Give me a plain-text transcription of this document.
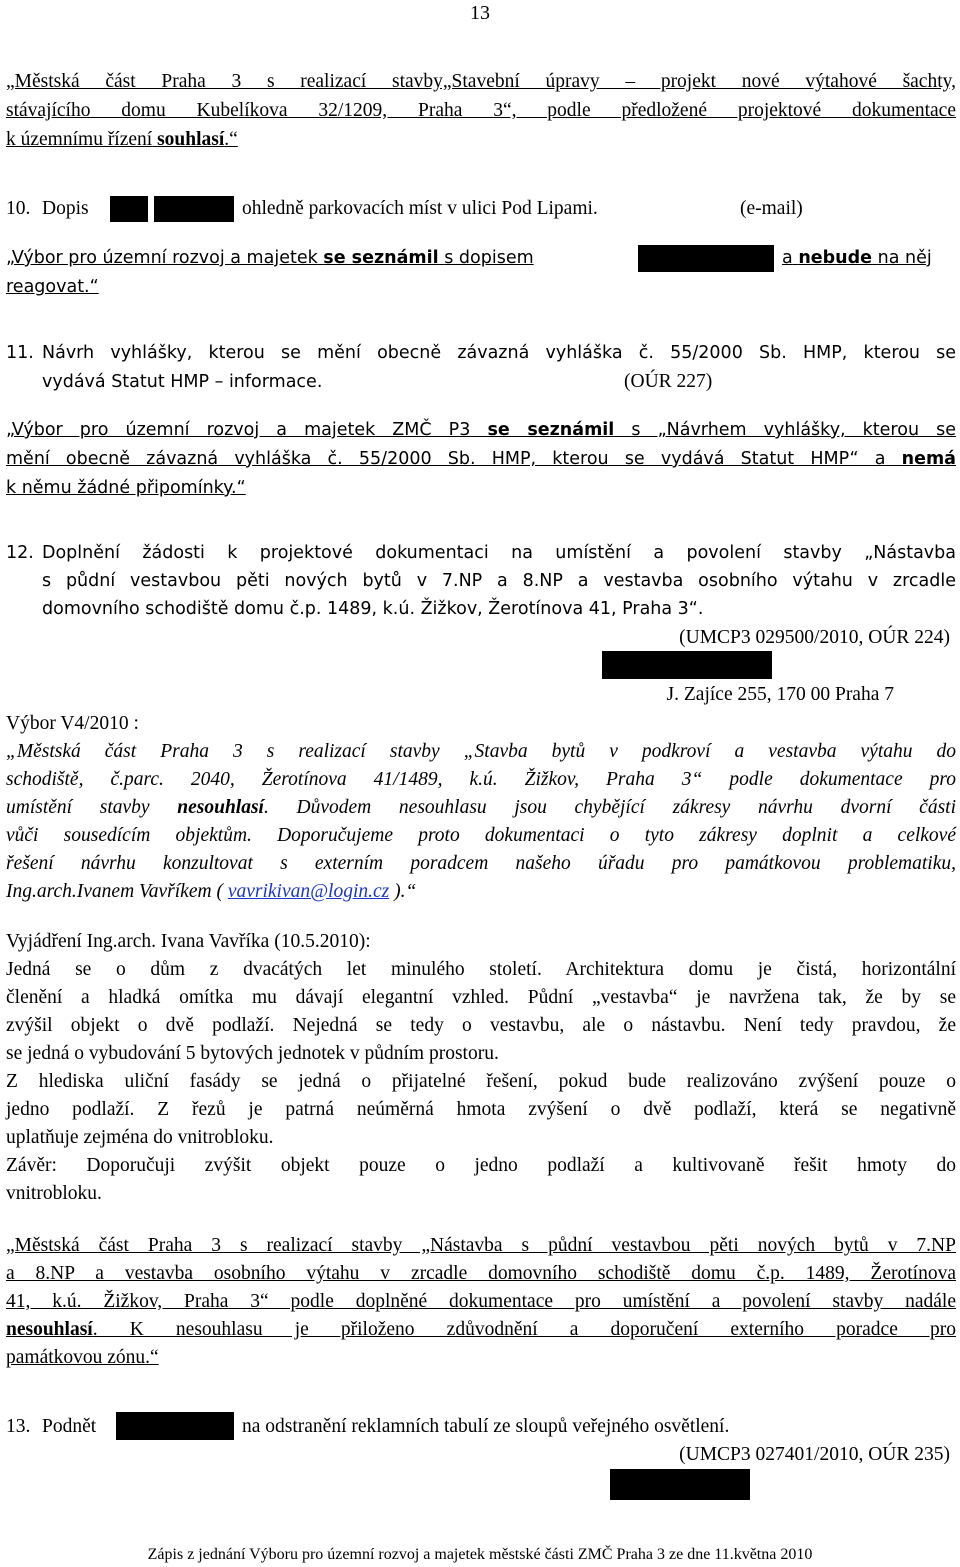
13
„Městská část Praha 3 s realizací stavby„Stavební úpravy – projekt nové výtahové šachty,
stávajícího domu Kubelíkova 32/1209, Praha 3“, podle předložené projektové dokumentace
k územnímu řízení souhlasí.“
10. Dopis	ohledně parkovacích míst v ulici Pod Lipami.	(e-mail)
„Výbor pro územní rozvoj a majetek se seznámil s dopisem	a nebude na něj
reagovat.“
11. Návrh vyhlášky, kterou se mění obecně závazná vyhláška č. 55/2000 Sb. HMP, kterou se
vydává Statut HMP – informace.	(OÚR 227)
„Výbor pro územní rozvoj a majetek ZMČ P3 se seznámil s „Návrhem vyhlášky, kterou se
mění obecně závazná vyhláška č. 55/2000 Sb. HMP, kterou se vydává Statut HMP“ a nemá
k němu žádné připomínky.“
12. Doplnění žádosti k projektové dokumentaci na umístění a povolení stavby „Nástavba
s půdní vestavbou pěti nových bytů v 7.NP a 8.NP a vestavba osobního výtahu v zrcadle
domovního schodiště domu č.p. 1489, k.ú. Žižkov, Žerotínova 41, Praha 3“.
(UMCP3 029500/2010, OÚR 224)
J. Zajíce 255, 170 00 Praha 7
Výbor V4/2010 :
„Městská část Praha 3 s realizací stavby „Stavba bytů v podkroví a vestavba výtahu do
schodiště, č.parc. 2040, Žerotínova 41/1489, k.ú. Žižkov, Praha 3“ podle dokumentace pro
umístění stavby nesouhlasí. Důvodem nesouhlasu jsou chybějící zákresy návrhu dvorní části
vůči sousedícím objektům. Doporučujeme proto dokumentaci o tyto zákresy doplnit a celkové
řešení návrhu konzultovat s externím poradcem našeho úřadu pro památkovou problematiku,
Ing.arch.Ivanem Vavříkem ( vavrikivan@login.cz ).“
Vyjádření Ing.arch. Ivana Vavříka (10.5.2010):
Jedná se o dům z dvacátých let minulého století. Architektura domu je čistá, horizontální
členění a hladká omítka mu dávají elegantní vzhled. Půdní „vestavba“ je navržena tak, že by se
zvýšil objekt o dvě podlaží. Nejedná se tedy o vestavbu, ale o nástavbu. Není tedy pravdou, že
se jedná o vybudování 5 bytových jednotek v půdním prostoru.
Z hlediska uliční fasády se jedná o přijatelné řešení, pokud bude realizováno zvýšení pouze o
jedno podlaží. Z řezů je patrná neúměrná hmota zvýšení o dvě podlaží, která se negativně
uplatňuje zejména do vnitrobloku.
Závěr: Doporučuji zvýšit objekt pouze o jedno podlaží a kultivovaně řešit hmoty do
vnitrobloku.
„Městská část Praha 3 s realizací stavby „Nástavba s půdní vestavbou pěti nových bytů v 7.NP
a 8.NP a vestavba osobního výtahu v zrcadle domovního schodiště domu č.p. 1489, Žerotínova
41, k.ú. Žižkov, Praha 3“ podle doplněné dokumentace pro umístění a povolení stavby nadále
nesouhlasí. K nesouhlasu je přiloženo zdůvodnění a doporučení externího poradce pro
památkovou zónu.“
13. Podnět	na odstranění reklamních tabulí ze sloupů veřejného osvětlení.
(UMCP3 027401/2010, OÚR 235)
Zápis z jednání Výboru pro územní rozvoj a majetek městské části ZMČ Praha 3 ze dne 11.května 2010
